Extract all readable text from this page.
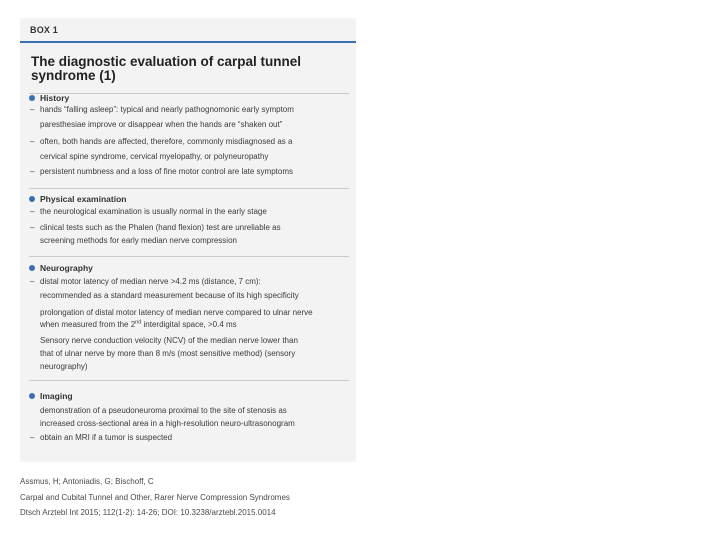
BOX 1
The diagnostic evaluation of carpal tunnel
syndrome (1)
History
– hands “falling asleep”: typical and nearly pathognomonic early symptom
paresthesiae improve or disappear when the hands are “shaken out”
– often, both hands are affected, therefore, commonly misdiagnosed as a
cervical spine syndrome, cervical myelopathy, or polyneuropathy
– persistent numbness and a loss of fine motor control are late symptoms
Physical examination
– the neurological examination is usually normal in the early stage
– clinical tests such as the Phalen (hand flexion) test are unreliable as
screening methods for early median nerve compression
Neurography
– distal motor latency of median nerve >4.2 ms (distance, 7 cm):
recommended as a standard measurement because of its high specificity
prolongation of distal motor latency of median nerve compared to ulnar nerve
when measured from the 2nd interdigital space, >0.4 ms
Sensory nerve conduction velocity (NCV) of the median nerve lower than
that of ulnar nerve by more than 8 m/s (most sensitive method) (sensory
neurography)
Imaging
demonstration of a pseudoneuroma proximal to the site of stenosis as
increased cross-sectional area in a high-resolution neuro-ultrasonogram
– obtain an MRI if a tumor is suspected
Assmus, H; Antoniadis, G; Bischoff, C
Carpal and Cubital Tunnel and Other, Rarer Nerve Compression Syndromes
Dtsch Arztebl Int 2015; 112(1-2): 14-26; DOI: 10.3238/arztebl.2015.0014
